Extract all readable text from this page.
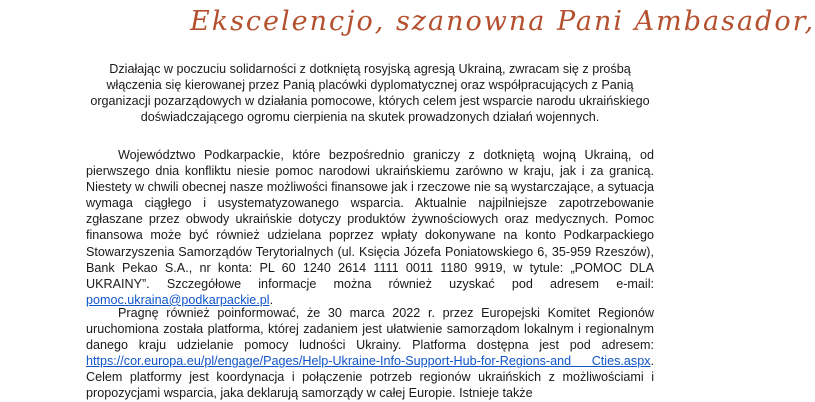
Ekscelencjo, szanowna Pani Ambasador,

Działając w poczuciu solidarności z dotkniętą rosyjską agresją Ukrainą, zwracam się z prośbą włączenia się kierowanej przez Panią placówki dyplomatycznej oraz współpracujących z Panią organizacji pozarządowych w działania pomocowe, których celem jest wsparcie narodu ukraińskiego doświadczającego ogromu cierpienia na skutek prowadzonych działań wojennych.

Województwo Podkarpackie, które bezpośrednio graniczy z dotkniętą wojną Ukrainą, od pierwszego dnia konfliktu niesie pomoc narodowi ukraińskiemu zarówno w kraju, jak i za granicą. Niestety w chwili obecnej nasze możliwości finansowe jak i rzeczowe nie są wystarczające, a sytuacja wymaga ciągłego i usystematyzowanego wsparcia. Aktualnie najpilniejsze zapotrzebowanie zgłaszane przez obwody ukraińskie dotyczy produktów żywnościowych oraz medycznych. Pomoc finansowa może być również udzielana poprzez wpłaty dokonywane na konto Podkarpackiego Stowarzyszenia Samorządów Terytorialnych (ul. Księcia Józefa Poniatowskiego 6, 35-959 Rzeszów), Bank Pekao S.A., nr konta: PL 60 1240 2614 1111 0011 1180 9919, w tytule: „POMOC DLA UKRAINY”. Szczegółowe informacje można również uzyskać pod adresem e-mail: pomoc.ukraina@podkarpackie.pl.

Pragnę również poinformować, że 30 marca 2022 r. przez Europejski Komitet Regionów uruchomiona została platforma, której zadaniem jest ułatwienie samorządom lokalnym i regionalnym danego kraju udzielanie pomocy ludności Ukrainy. Platforma dostępna jest pod adresem: https://cor.europa.eu/pl/engage/Pages/Help-Ukraine-Info-Support-Hub-for-Regions-and Cties.aspx. Celem platformy jest koordynacja i połączenie potrzeb regionów ukraińskich z możliwościami i propozycjami wsparcia, jaka deklarują samorządy w całej Europie. Istnieje także
